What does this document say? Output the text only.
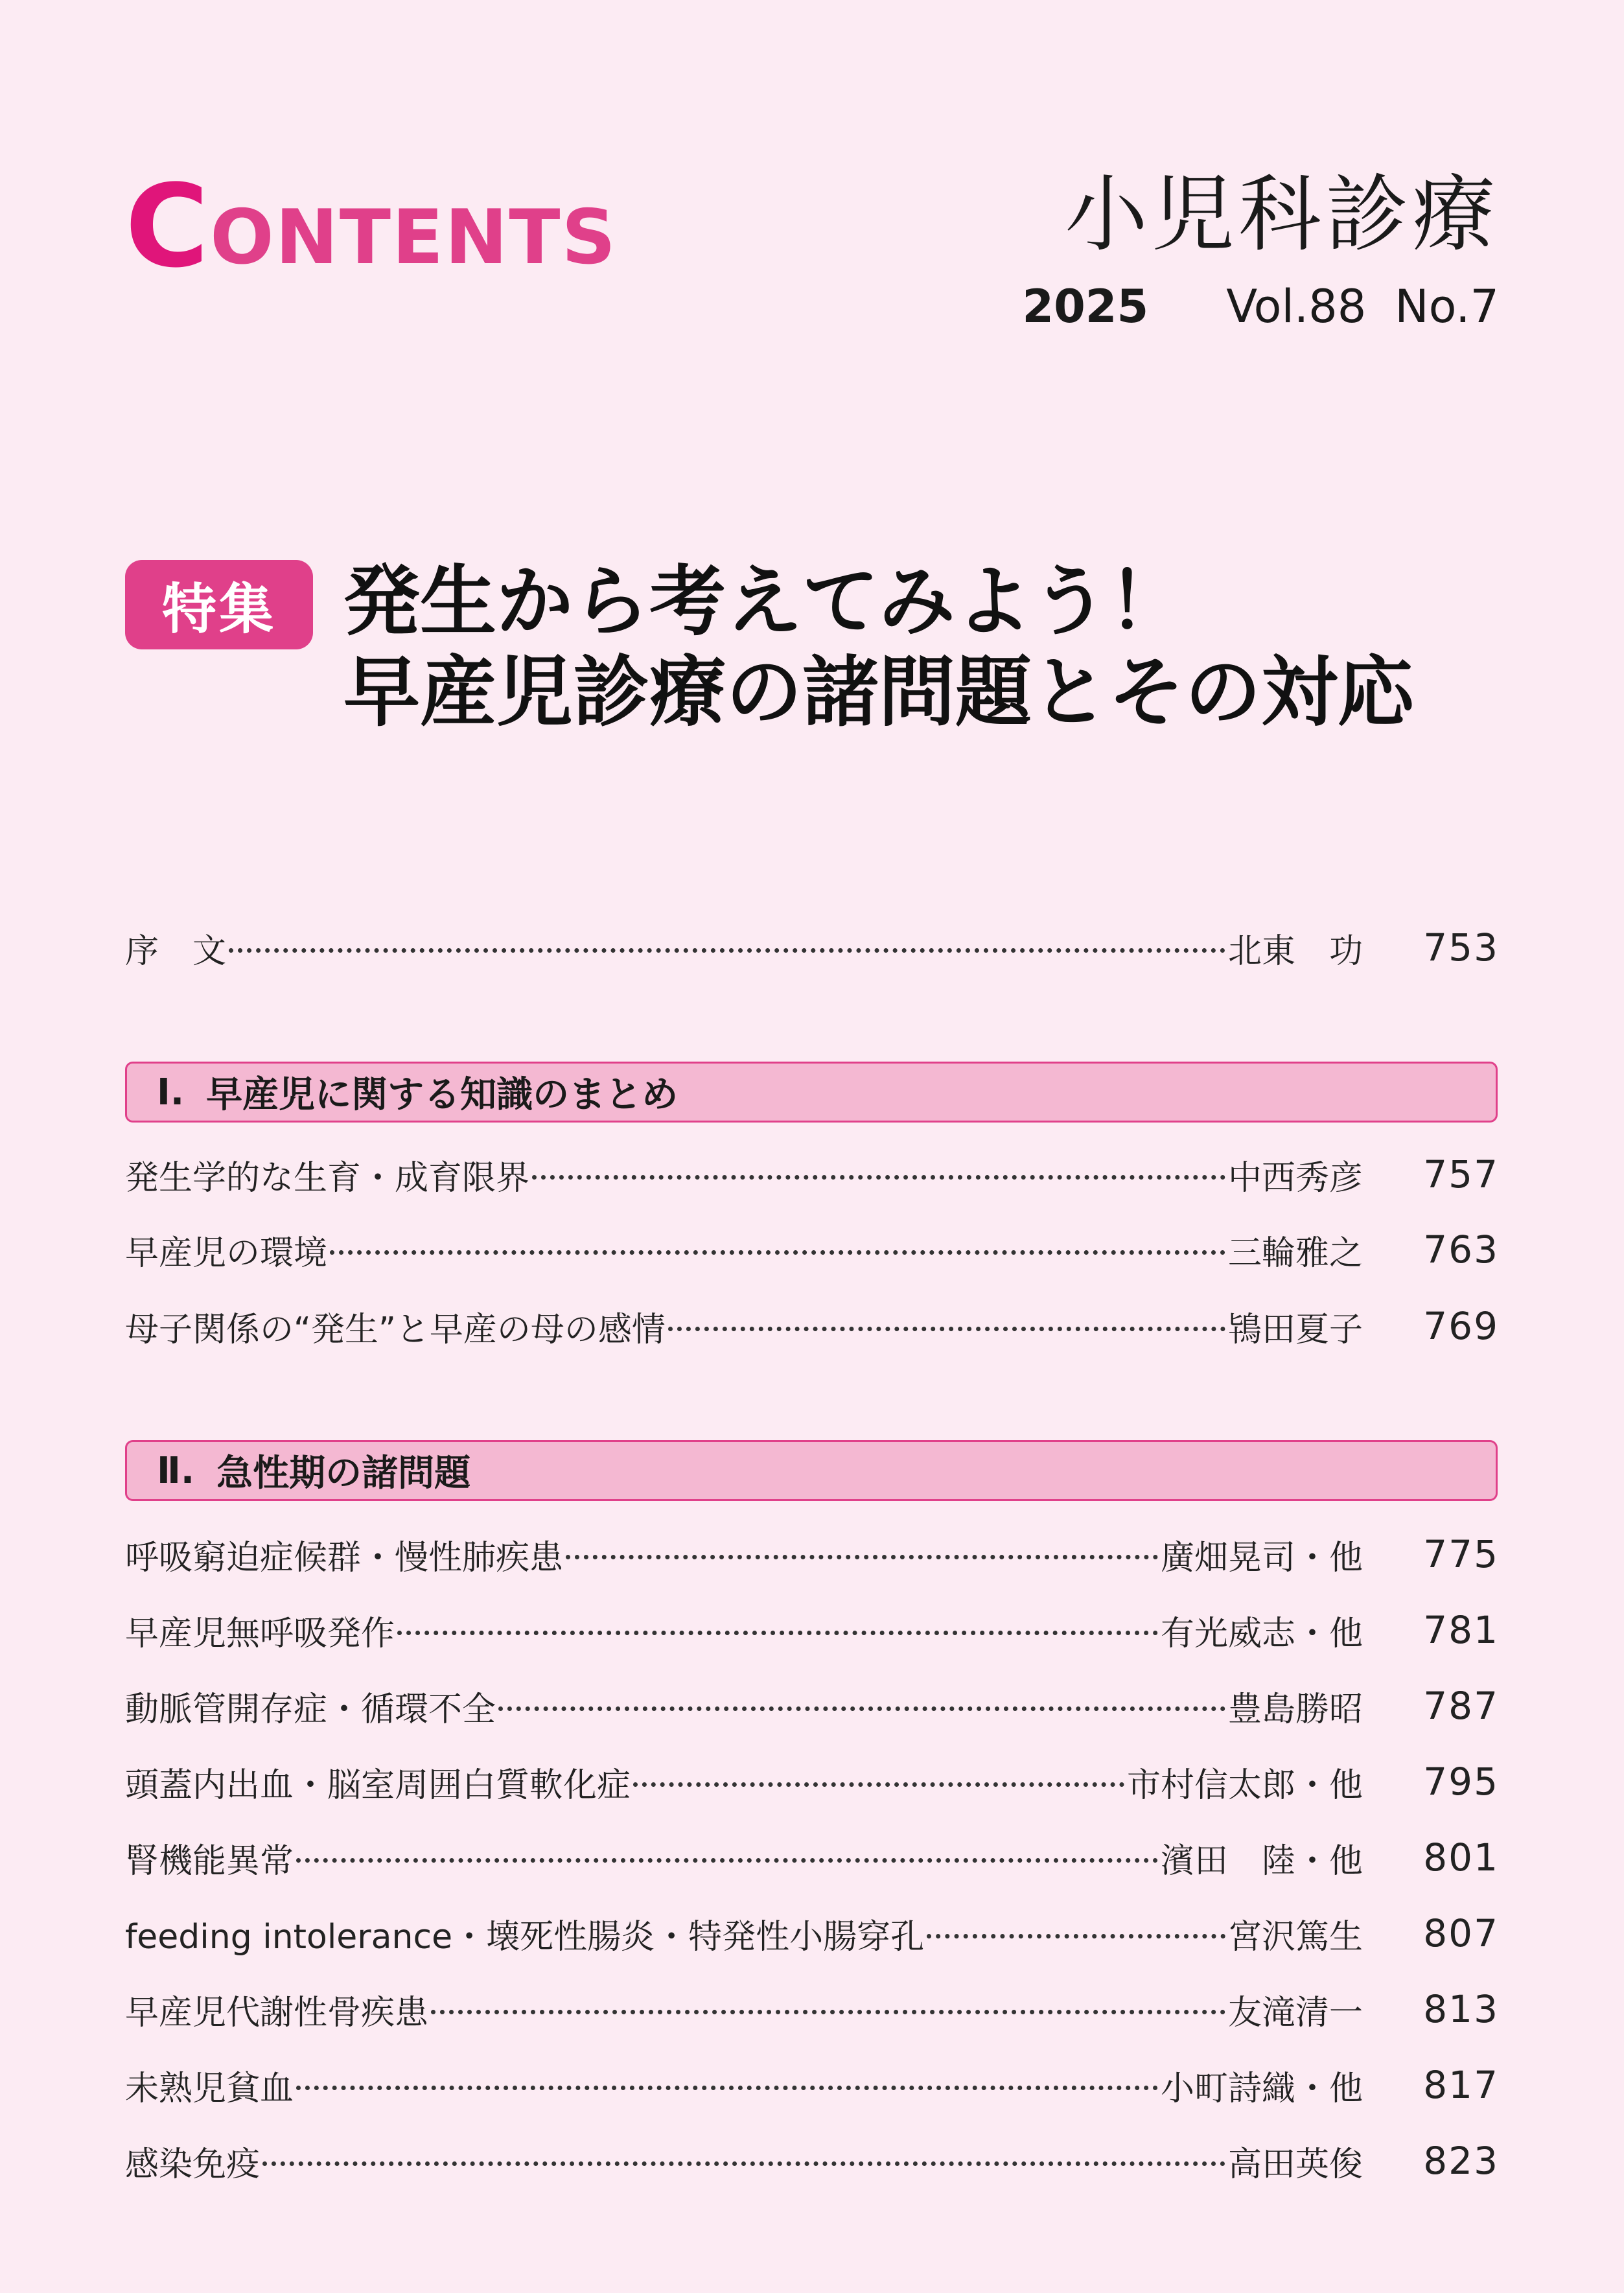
CONTENTS	小児科診療
2025 Vol.88 No.7
特集 発生から考えてみよう！
早産児診療の諸問題とその対応
序　文	北東　功	753
Ⅰ. 早産児に関する知識のまとめ
発生学的な生育・成育限界	中西秀彦	757
早産児の環境	三輪雅之	763
母子関係の“発生”と早産の母の感情	鴇田夏子	769
Ⅱ. 急性期の諸問題
呼吸窮迫症候群・慢性肺疾患	廣畑晃司・他	775
早産児無呼吸発作	有光威志・他	781
動脈管開存症・循環不全	豊島勝昭	787
頭蓋内出血・脳室周囲白質軟化症	市村信太郎・他	795
腎機能異常	濱田　陸・他	801
feeding intolerance・壊死性腸炎・特発性小腸穿孔	宮沢篤生	807
早産児代謝性骨疾患	友滝清一	813
未熟児貧血	小町詩織・他	817
感染免疫	高田英俊	823
